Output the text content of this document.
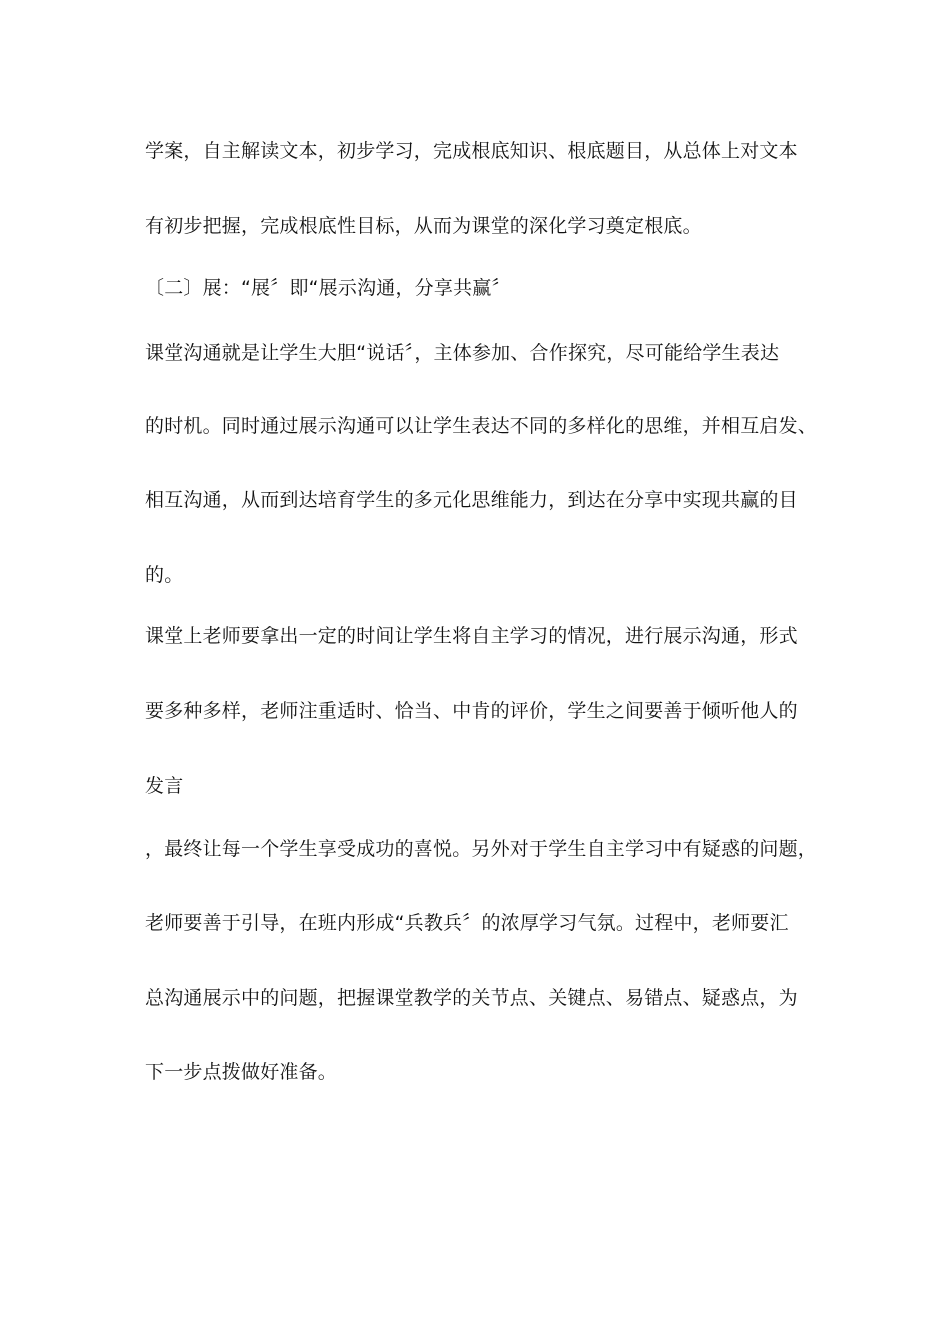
学案，自主解读文本，初步学习，完成根底知识、根底题目，从总体上对文本
有初步把握，完成根底性目标，从而为课堂的深化学习奠定根底。
〔二〕展：“展〞即“展示沟通，分享共赢〞
课堂沟通就是让学生大胆“说话〞，主体参加、合作探究，尽可能给学生表达
的时机。同时通过展示沟通可以让学生表达不同的多样化的思维，并相互启发、
相互沟通，从而到达培育学生的多元化思维能力，到达在分享中实现共赢的目
的。
课堂上老师要拿出一定的时间让学生将自主学习的情况，进行展示沟通，形式
要多种多样，老师注重适时、恰当、中肯的评价，学生之间要善于倾听他人的
发言
，最终让每一个学生享受成功的喜悦。另外对于学生自主学习中有疑惑的问题，
老师要善于引导，在班内形成“兵教兵〞的浓厚学习气氛。过程中，老师要汇
总沟通展示中的问题，把握课堂教学的关节点、关键点、易错点、疑惑点，为
下一步点拨做好准备。
